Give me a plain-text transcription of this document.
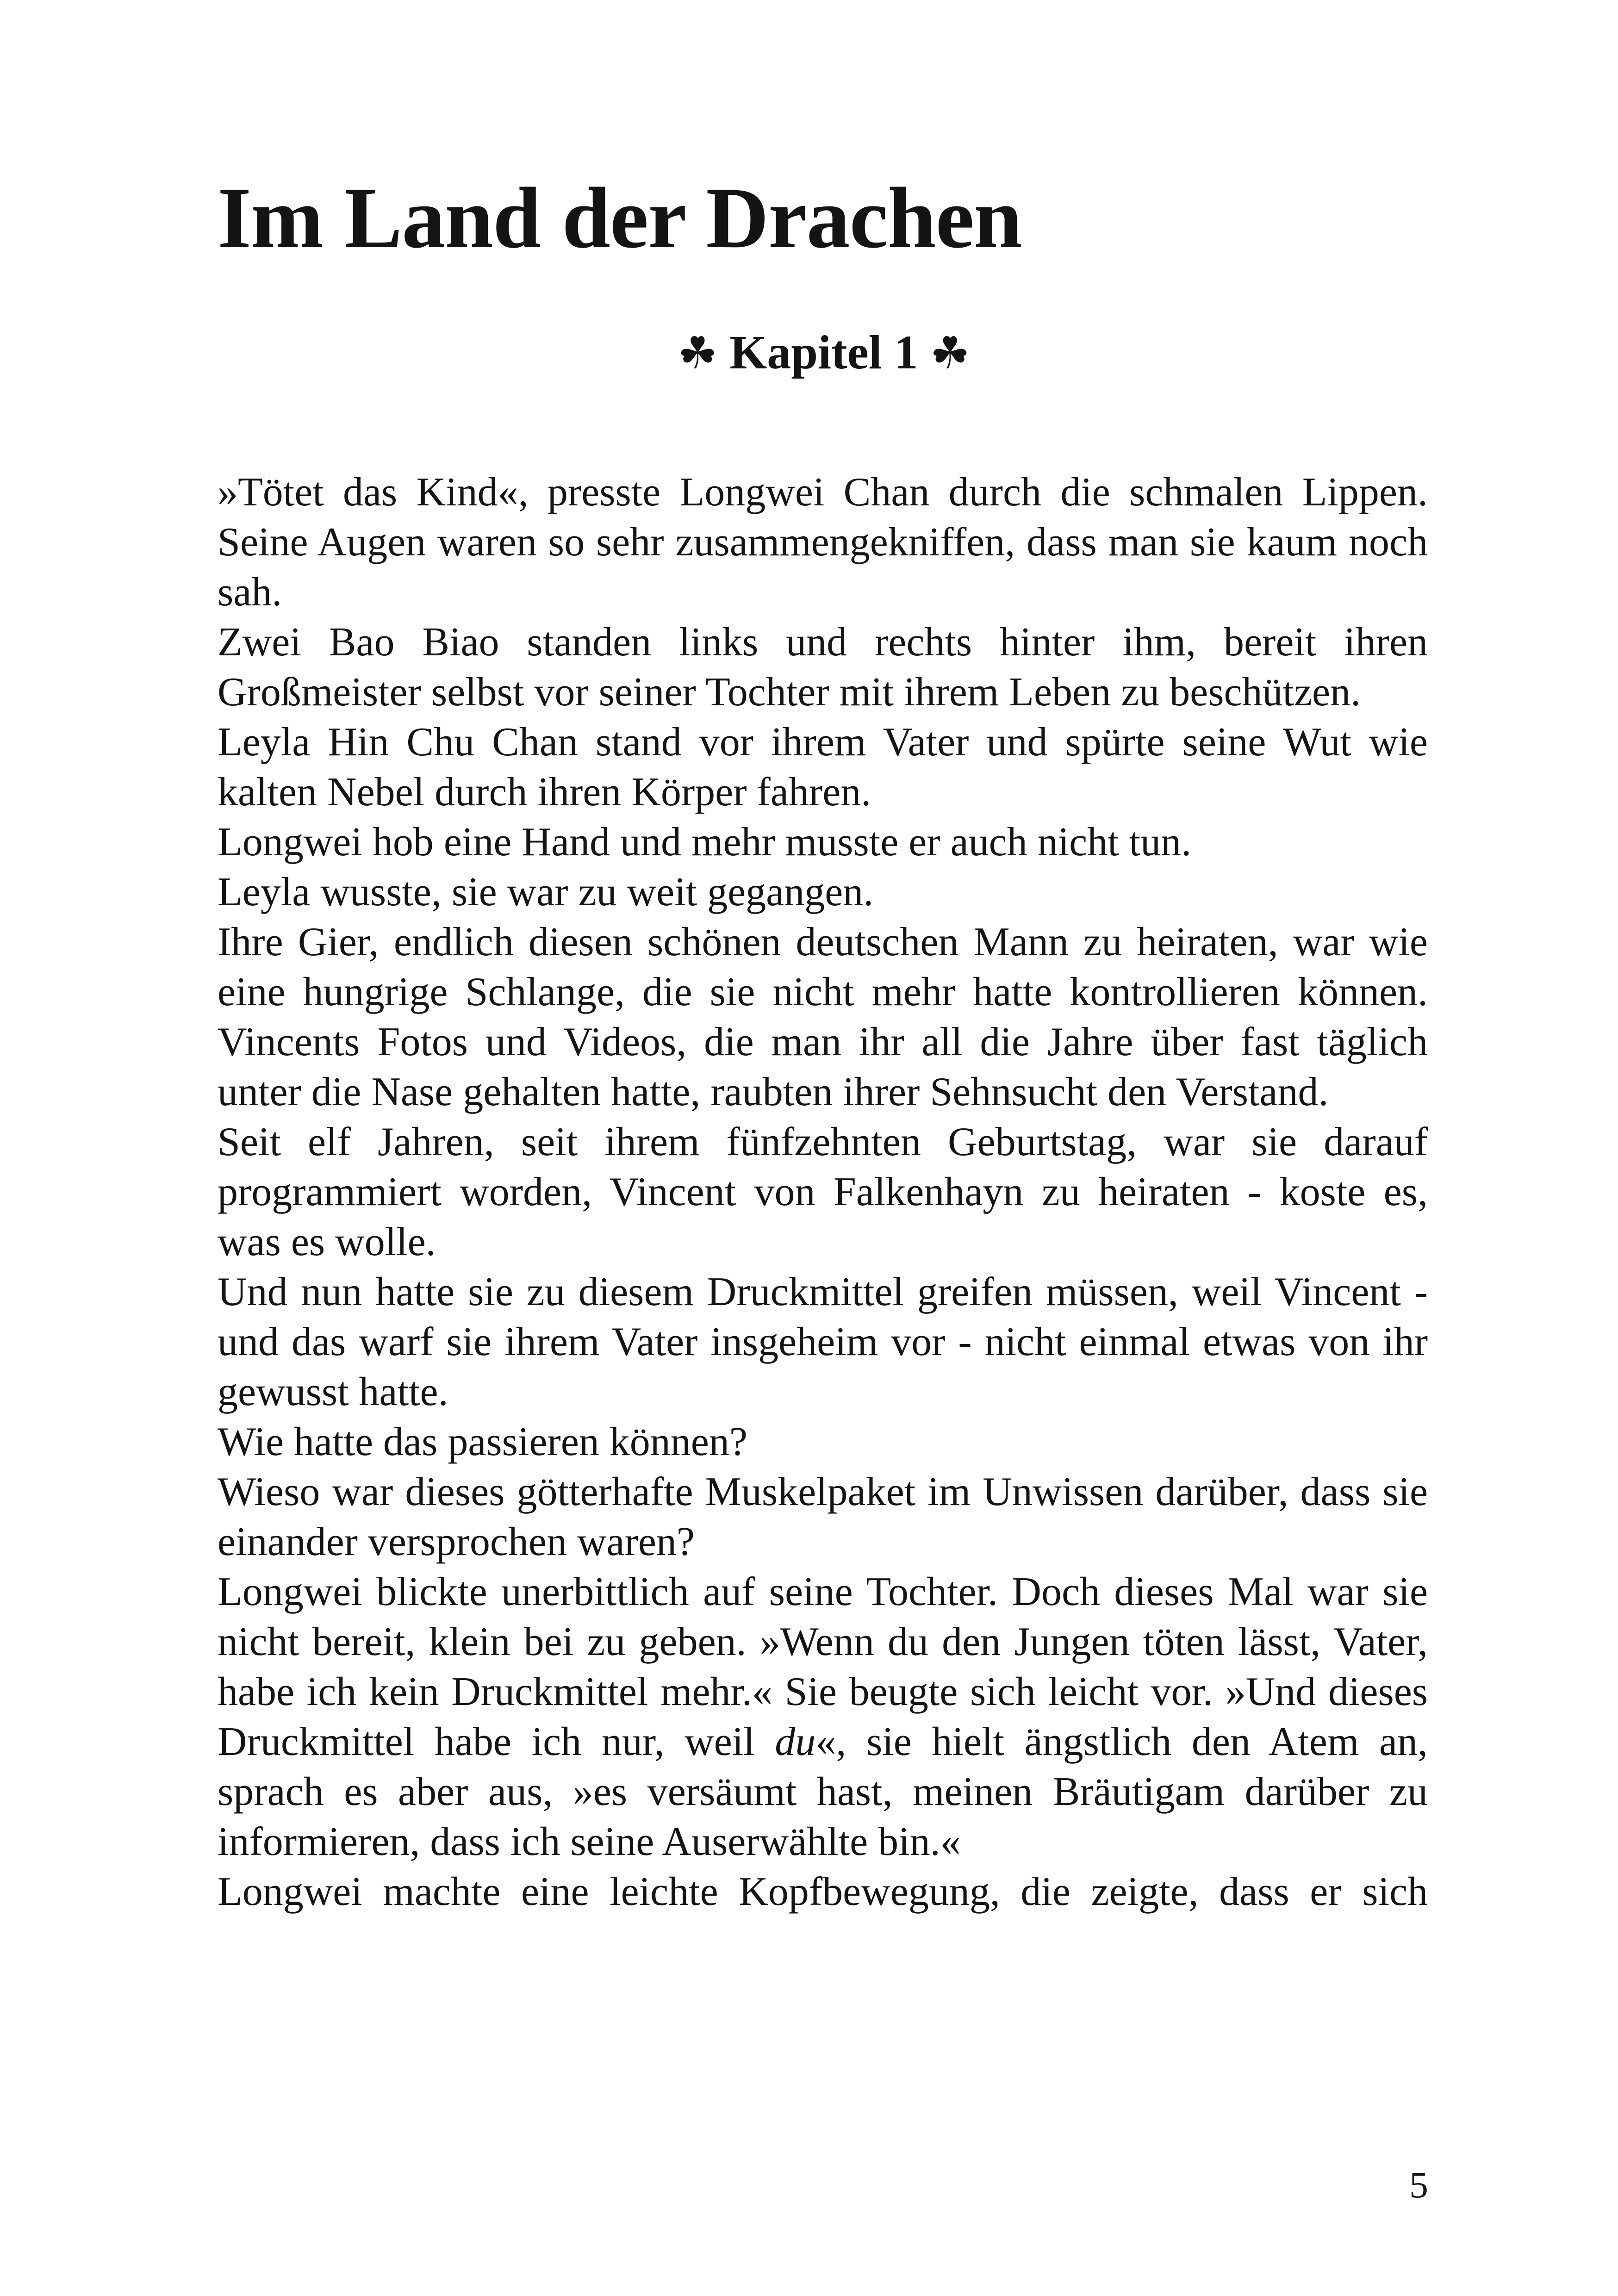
Im Land der Drachen
☘ Kapitel 1 ☘

»Tötet das Kind«, presste Longwei Chan durch die schmalen Lippen. Seine Augen waren so sehr zusammengekniffen, dass man sie kaum noch sah.

Zwei Bao Biao standen links und rechts hinter ihm, bereit ihren Großmeister selbst vor seiner Tochter mit ihrem Leben zu beschützen.

Leyla Hin Chu Chan stand vor ihrem Vater und spürte seine Wut wie kalten Nebel durch ihren Körper fahren.

Longwei hob eine Hand und mehr musste er auch nicht tun.

Leyla wusste, sie war zu weit gegangen.

Ihre Gier, endlich diesen schönen deutschen Mann zu heiraten, war wie eine hungrige Schlange, die sie nicht mehr hatte kontrollieren können. Vincents Fotos und Videos, die man ihr all die Jahre über fast täglich unter die Nase gehalten hatte, raubten ihrer Sehnsucht den Verstand.

Seit elf Jahren, seit ihrem fünfzehnten Geburtstag, war sie darauf programmiert worden, Vincent von Falkenhayn zu heiraten - koste es, was es wolle.

Und nun hatte sie zu diesem Druckmittel greifen müssen, weil Vincent - und das warf sie ihrem Vater insgeheim vor - nicht einmal etwas von ihr gewusst hatte.

Wie hatte das passieren können?

Wieso war dieses götterhafte Muskelpaket im Unwissen darüber, dass sie einander versprochen waren?

Longwei blickte unerbittlich auf seine Tochter. Doch dieses Mal war sie nicht bereit, klein bei zu geben. »Wenn du den Jungen töten lässt, Vater, habe ich kein Druckmittel mehr.« Sie beugte sich leicht vor. »Und dieses Druckmittel habe ich nur, weil du«, sie hielt ängstlich den Atem an, sprach es aber aus, »es versäumt hast, meinen Bräutigam darüber zu informieren, dass ich seine Auserwählte bin.«

Longwei machte eine leichte Kopfbewegung, die zeigte, dass er sich

5
